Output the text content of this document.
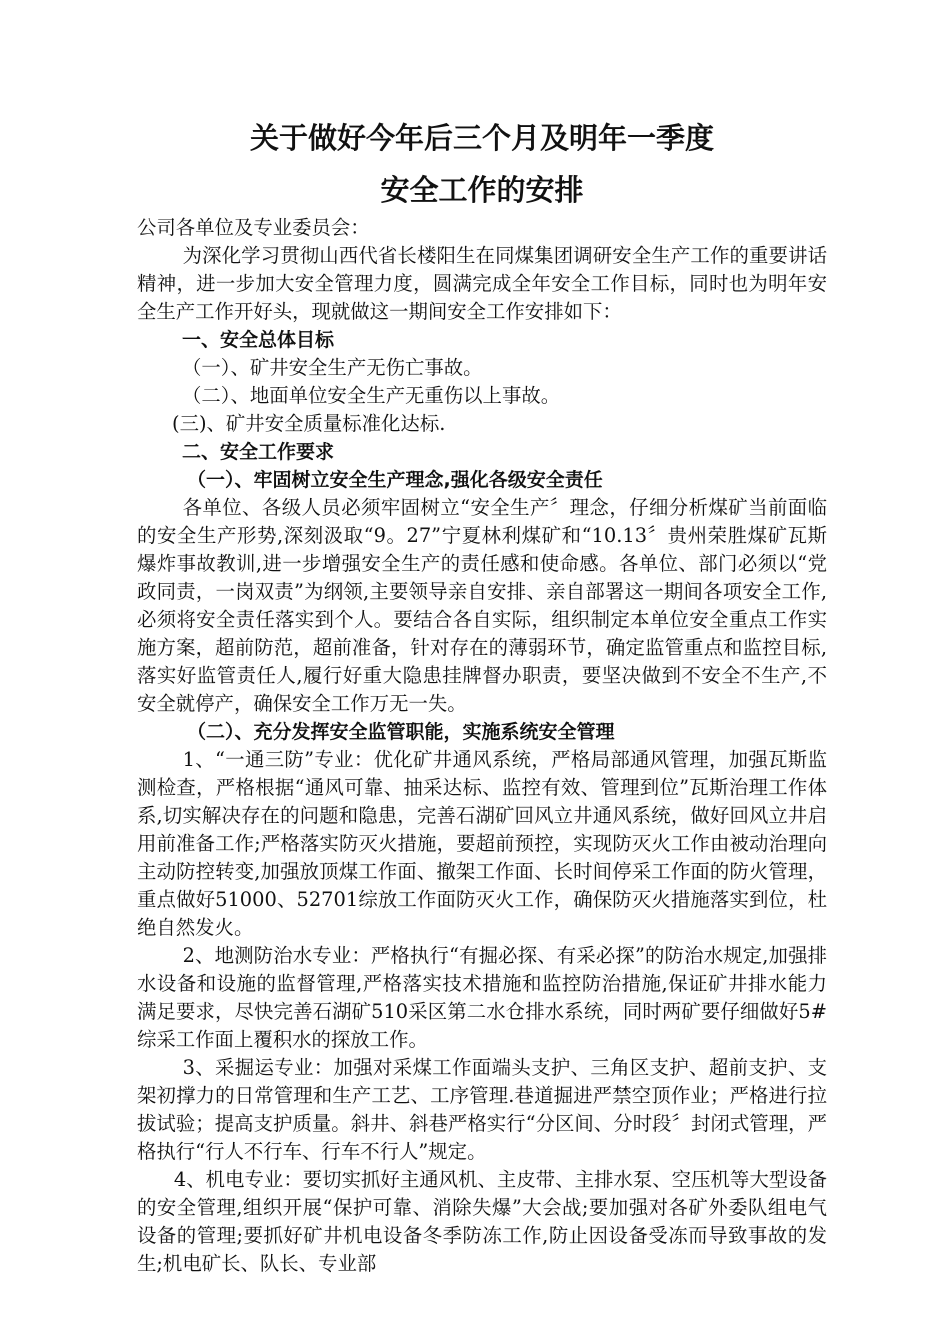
关于做好今年后三个月及明年一季度
安全工作的安排

公司各单位及专业委员会：

为深化学习贯彻山西代省长楼阳生在同煤集团调研安全生产工作的重要讲话精神，进一步加大安全管理力度，圆满完成全年安全工作目标，同时也为明年安全生产工作开好头，现就做这一期间安全工作安排如下：

一、安全总体目标

（一）、矿井安全生产无伤亡事故。

（二）、地面单位安全生产无重伤以上事故。

(三)、矿井安全质量标准化达标.

二、安全工作要求

（一）、牢固树立安全生产理念,强化各级安全责任

各单位、各级人员必须牢固树立“安全生产〞理念，仔细分析煤矿当前面临的安全生产形势,深刻汲取“9。27”宁夏林利煤矿和“10.13〞贵州荣胜煤矿瓦斯爆炸事故教训,进一步增强安全生产的责任感和使命感。各单位、部门必须以“党政同责，一岗双责”为纲领,主要领导亲自安排、亲自部署这一期间各项安全工作,必须将安全责任落实到个人。要结合各自实际，组织制定本单位安全重点工作实施方案，超前防范，超前准备，针对存在的薄弱环节，确定监管重点和监控目标,落实好监管责任人,履行好重大隐患挂牌督办职责，要坚决做到不安全不生产,不安全就停产，确保安全工作万无一失。

（二）、充分发挥安全监管职能，实施系统安全管理

1、“一通三防”专业：优化矿井通风系统，严格局部通风管理，加强瓦斯监测检查，严格根据“通风可靠、抽采达标、监控有效、管理到位”瓦斯治理工作体系,切实解决存在的问题和隐患，完善石湖矿回风立井通风系统，做好回风立井启用前准备工作;严格落实防灭火措施，要超前预控，实现防灭火工作由被动治理向主动防控转变,加强放顶煤工作面、撤架工作面、长时间停采工作面的防火管理，重点做好51000、52701综放工作面防灭火工作，确保防灭火措施落实到位，杜绝自然发火。

2、地测防治水专业：严格执行“有掘必探、有采必探”的防治水规定,加强排水设备和设施的监督管理,严格落实技术措施和监控防治措施,保证矿井排水能力满足要求，尽快完善石湖矿510采区第二水仓排水系统，同时两矿要仔细做好5#综采工作面上覆积水的探放工作。

3、采掘运专业：加强对采煤工作面端头支护、三角区支护、超前支护、支架初撑力的日常管理和生产工艺、工序管理.巷道掘进严禁空顶作业；严格进行拉拔试验；提高支护质量。斜井、斜巷严格实行“分区间、分时段〞封闭式管理，严格执行“行人不行车、行车不行人”规定。

4、机电专业：要切实抓好主通风机、主皮带、主排水泵、空压机等大型设备的安全管理,组织开展“保护可靠、消除失爆”大会战;要加强对各矿外委队组电气设备的管理;要抓好矿井机电设备冬季防冻工作,防止因设备受冻而导致事故的发生;机电矿长、队长、专业部
